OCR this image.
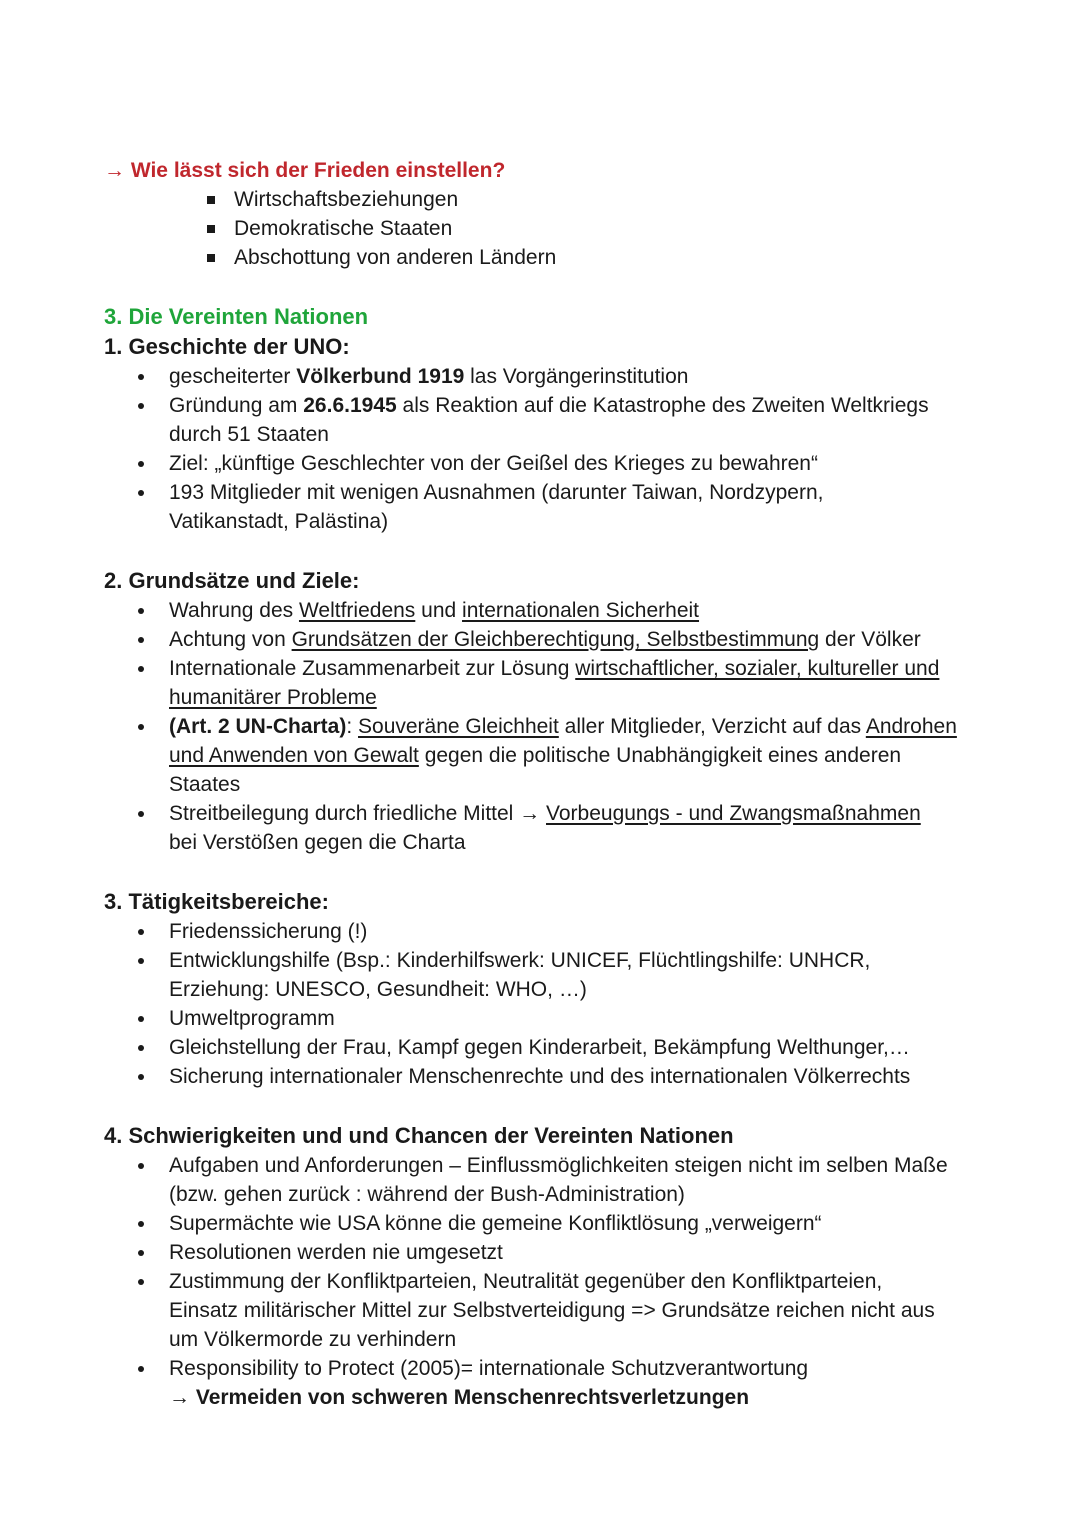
→ Wie lässt sich der Frieden einstellen?
Wirtschaftsbeziehungen
Demokratische Staaten
Abschottung von anderen Ländern
3. Die Vereinten Nationen
1. Geschichte der UNO:
gescheiterter Völkerbund 1919 las Vorgängerinstitution
Gründung am 26.6.1945 als Reaktion auf die Katastrophe des Zweiten Weltkriegs
durch 51 Staaten
Ziel: „künftige Geschlechter von der Geißel des Krieges zu bewahren“
193 Mitglieder mit wenigen Ausnahmen (darunter Taiwan, Nordzypern,
Vatikanstadt, Palästina)
2. Grundsätze und Ziele:
Wahrung des Weltfriedens und internationalen Sicherheit
Achtung von Grundsätzen der Gleichberechtigung, Selbstbestimmung der Völker
Internationale Zusammenarbeit zur Lösung wirtschaftlicher, sozialer, kultureller und
humanitärer Probleme
(Art. 2 UN-Charta): Souveräne Gleichheit aller Mitglieder, Verzicht auf das Androhen
und Anwenden von Gewalt gegen die politische Unabhängigkeit eines anderen
Staates
Streitbeilegung durch friedliche Mittel → Vorbeugungs - und Zwangsmaßnahmen
bei Verstößen gegen die Charta
3. Tätigkeitsbereiche:
Friedenssicherung (!)
Entwicklungshilfe (Bsp.: Kinderhilfswerk: UNICEF, Flüchtlingshilfe: UNHCR,
Erziehung: UNESCO, Gesundheit: WHO, …)
Umweltprogramm
Gleichstellung der Frau, Kampf gegen Kinderarbeit, Bekämpfung Welthunger,…
Sicherung internationaler Menschenrechte und des internationalen Völkerrechts
4. Schwierigkeiten und und Chancen der Vereinten Nationen
Aufgaben und Anforderungen – Einflussmöglichkeiten steigen nicht im selben Maße
(bzw. gehen zurück : während der Bush-Administration)
Supermächte wie USA könne die gemeine Konfliktlösung „verweigern“
Resolutionen werden nie umgesetzt
Zustimmung der Konfliktparteien, Neutralität gegenüber den Konfliktparteien,
Einsatz militärischer Mittel zur Selbstverteidigung => Grundsätze reichen nicht aus
um Völkermorde zu verhindern
Responsibility to Protect (2005)= internationale Schutzverantwortung
→ Vermeiden von schweren Menschenrechtsverletzungen
